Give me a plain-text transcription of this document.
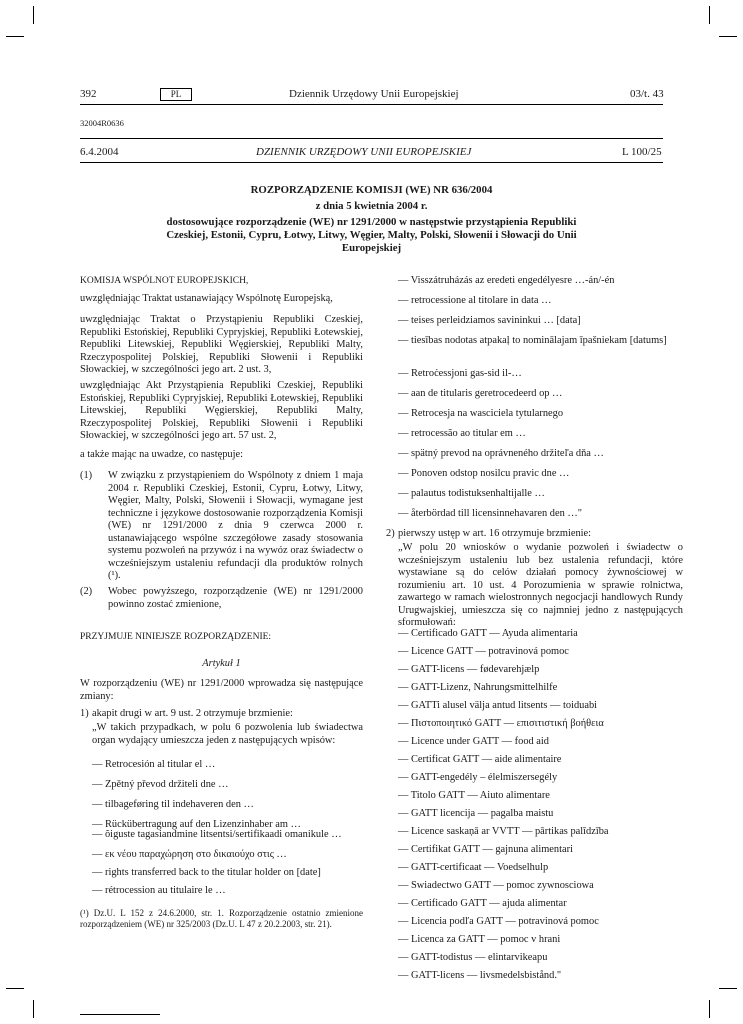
392	PL	Dziennik Urzędowy Unii Europejskiej	03/t. 43
32004R0636
6.4.2004	DZIENNIK URZĘDOWY UNII EUROPEJSKIEJ	L 100/25
ROZPORZĄDZENIE KOMISJI (WE) NR 636/2004
z dnia 5 kwietnia 2004 r.
dostosowujące rozporządzenie (WE) nr 1291/2000 w następstwie przystąpienia Republiki
Czeskiej, Estonii, Cypru, Łotwy, Litwy, Węgier, Malty, Polski, Słowenii i Słowacji do Unii
Europejskiej
KOMISJA WSPÓLNOT EUROPEJSKICH,
uwzględniając Traktat ustanawiający Wspólnotę Europejską,
uwzględniając Traktat o Przystąpieniu Republiki Czeskiej, Republiki Estońskiej, Republiki Cypryjskiej, Republiki Łotewskiej, Republiki Litewskiej, Republiki Węgierskiej, Republiki Malty, Rzeczypospolitej Polskiej, Republiki Słowenii i Republiki Słowackiej, w szczególności jego art. 2 ust. 3,
uwzględniając Akt Przystąpienia Republiki Czeskiej, Republiki Estońskiej, Republiki Cypryjskiej, Republiki Łotewskiej, Republiki Litewskiej, Republiki Węgierskiej, Republiki Malty, Rzeczypospolitej Polskiej, Republiki Słowenii i Republiki Słowackiej, w szczególności jego art. 57 ust. 2,
a także mając na uwadze, co następuje:
(1) W związku z przystąpieniem do Wspólnoty z dniem 1 maja 2004 r. Republiki Czeskiej, Estonii, Cypru, Łotwy, Litwy, Węgier, Malty, Polski, Słowenii i Słowacji, wymagane jest techniczne i językowe dostosowanie rozporządzenia Komisji (WE) nr 1291/2000 z dnia 9 czerwca 2000 r. ustanawiającego wspólne szczegółowe zasady stosowania systemu pozwoleń na przywóz i na wywóz oraz świadectw o wcześniejszym ustaleniu refundacji dla produktów rolnych (¹).
(2) Wobec powyższego, rozporządzenie (WE) nr 1291/2000 powinno zostać zmienione,
PRZYJMUJE NINIEJSZE ROZPORZĄDZENIE:
Artykuł 1
W rozporządzeniu (WE) nr 1291/2000 wprowadza się następujące zmiany:
1) akapit drugi w art. 9 ust. 2 otrzymuje brzmienie:
„W takich przypadkach, w polu 6 pozwolenia lub świadectwa organ wydający umieszcza jeden z następujących wpisów:
— Retrocesión al titular el …
— Zpětný převod držiteli dne …
— tilbageføring til indehaveren den …
— Rückübertragung auf den Lizenzinhaber am …
— õiguste tagasiandmine litsentsi/sertifikaadi omanikule …
— εκ νέου παραχώρηση στο δικαιούχο στις …
— rights transferred back to the titular holder on [date]
— rétrocession au titulaire le …
(¹) Dz.U. L 152 z 24.6.2000, str. 1. Rozporządzenie ostatnio zmienione rozporządzeniem (WE) nr 325/2003 (Dz.U. L 47 z 20.2.2003, str. 21).
— Visszátruházás az eredeti engedélyesre …-án/-én
— retrocessione al titolare in data …
— teises perleidziamos savininkui … [data]
— tiesības nodotas atpakaļ to nominālajam īpašniekam [datums]
— Retroċessjoni gas-sid il-…
— aan de titularis geretrocedeerd op …
— Retrocesja na wasciciela tytularnego
— retrocessão ao titular em …
— spätný prevod na oprávneného držiteľa dňa …
— Ponoven odstop nosilcu pravic dne …
— palautus todistuksenhaltijalle …
— återbördad till licensinnehavaren den …"
2) pierwszy ustęp w art. 16 otrzymuje brzmienie:
„W polu 20 wniosków o wydanie pozwoleń i świadectw o wcześniejszym ustaleniu lub bez ustalenia refundacji, które wystawiane są do celów działań pomocy żywnościowej w rozumieniu art. 10 ust. 4 Porozumienia w sprawie rolnictwa, zawartego w ramach wielostronnych negocjacji handlowych Rundy Urugwajskiej, umieszcza się co najmniej jedno z następujących sformułowań:
— Certificado GATT — Ayuda alimentaria
— Licence GATT — potravinová pomoc
— GATT-licens — fødevarehjælp
— GATT-Lizenz, Nahrungsmittelhilfe
— GATTi alusel välja antud litsents — toiduabi
— Πιστοποιητικό GATT — επισιτιστική βοήθεια
— Licence under GATT — food aid
— Certificat GATT — aide alimentaire
— GATT-engedély – élelmiszersegély
— Titolo GATT — Aiuto alimentare
— GATT licencija — pagalba maistu
— Licence saskaņā ar VVTT — pārtikas palīdzība
— Certifikat GATT — gajnuna alimentari
— GATT-certificaat — Voedselhulp
— Swiadectwo GATT — pomoc zywnosciowa
— Certificado GATT — ajuda alimentar
— Licencia podľa GATT — potravinová pomoc
— Licenca za GATT — pomoc v hrani
— GATT-todistus — elintarvikeapu
— GATT-licens — livsmedelsbistånd."
